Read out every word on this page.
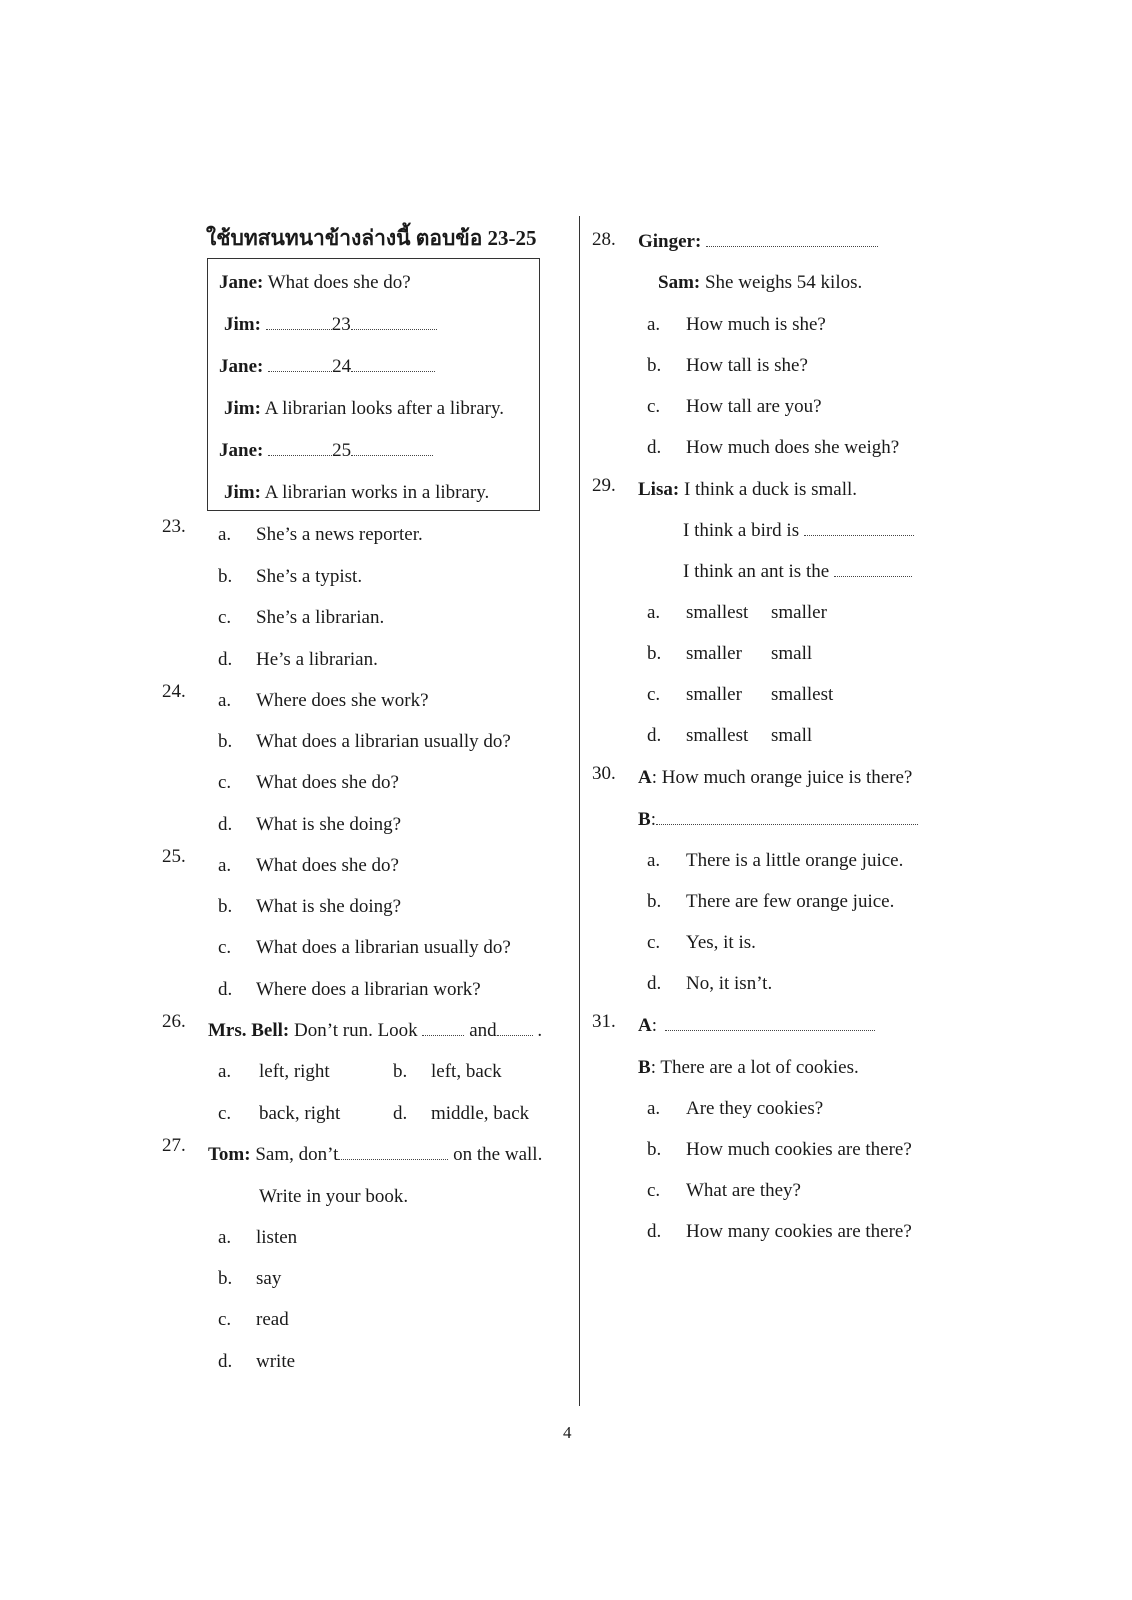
ใช้บทสนทนาข้างล่างนี้ ตอบข้อ 23-25
Jane: What does she do?
Jim:	23
Jane:	24
Jim: A librarian looks after a library.
Jane:	25
Jim: A librarian works in a library.
23. a. She’s a news reporter.
b. She’s a typist.
c. She’s a librarian.
d. He’s a librarian.
24. a. Where does she work?
b. What does a librarian usually do?
c. What does she do?
d. What is she doing?
25. a. What does she do?
b. What is she doing?
c. What does a librarian usually do?
d. Where does a librarian work?
26. Mrs. Bell: Don’t run. Look	and .
a. left, right	b. left, back
c. back, right	d. middle, back
27. Tom: Sam, don’t	on the wall.
Write in your book.
a. listen
b. say
c. read
d. write
28. Ginger:
Sam: She weighs 54 kilos.
a. How much is she?
b. How tall is she?
c. How tall are you?
d. How much does she weigh?
29. Lisa: I think a duck is small.
I think a bird is
I think an ant is the
a. smallest smaller
b. smaller small
c. smaller smallest
d. smallest small
30. A: How much orange juice is there?
B:
a. There is a little orange juice.
b. There are few orange juice.
c. Yes, it is.
d. No, it isn’t.
31. A:
B: There are a lot of cookies.
a. Are they cookies?
b. How much cookies are there?
c. What are they?
d. How many cookies are there?
4
